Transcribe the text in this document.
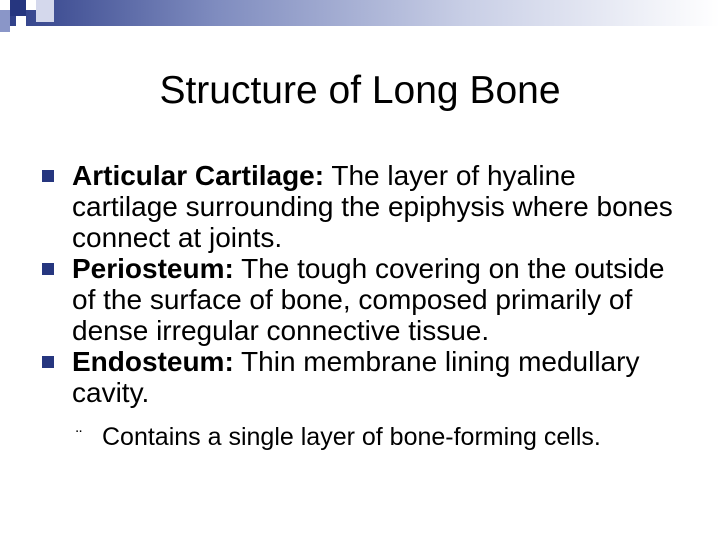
Structure of Long Bone
Articular Cartilage: The layer of hyaline cartilage surrounding the epiphysis where bones connect at joints.
Periosteum: The tough covering on the outside of the surface of bone, composed primarily of dense irregular connective tissue.
Endosteum: Thin membrane lining medullary cavity.
¨ Contains a single layer of bone-forming cells.
